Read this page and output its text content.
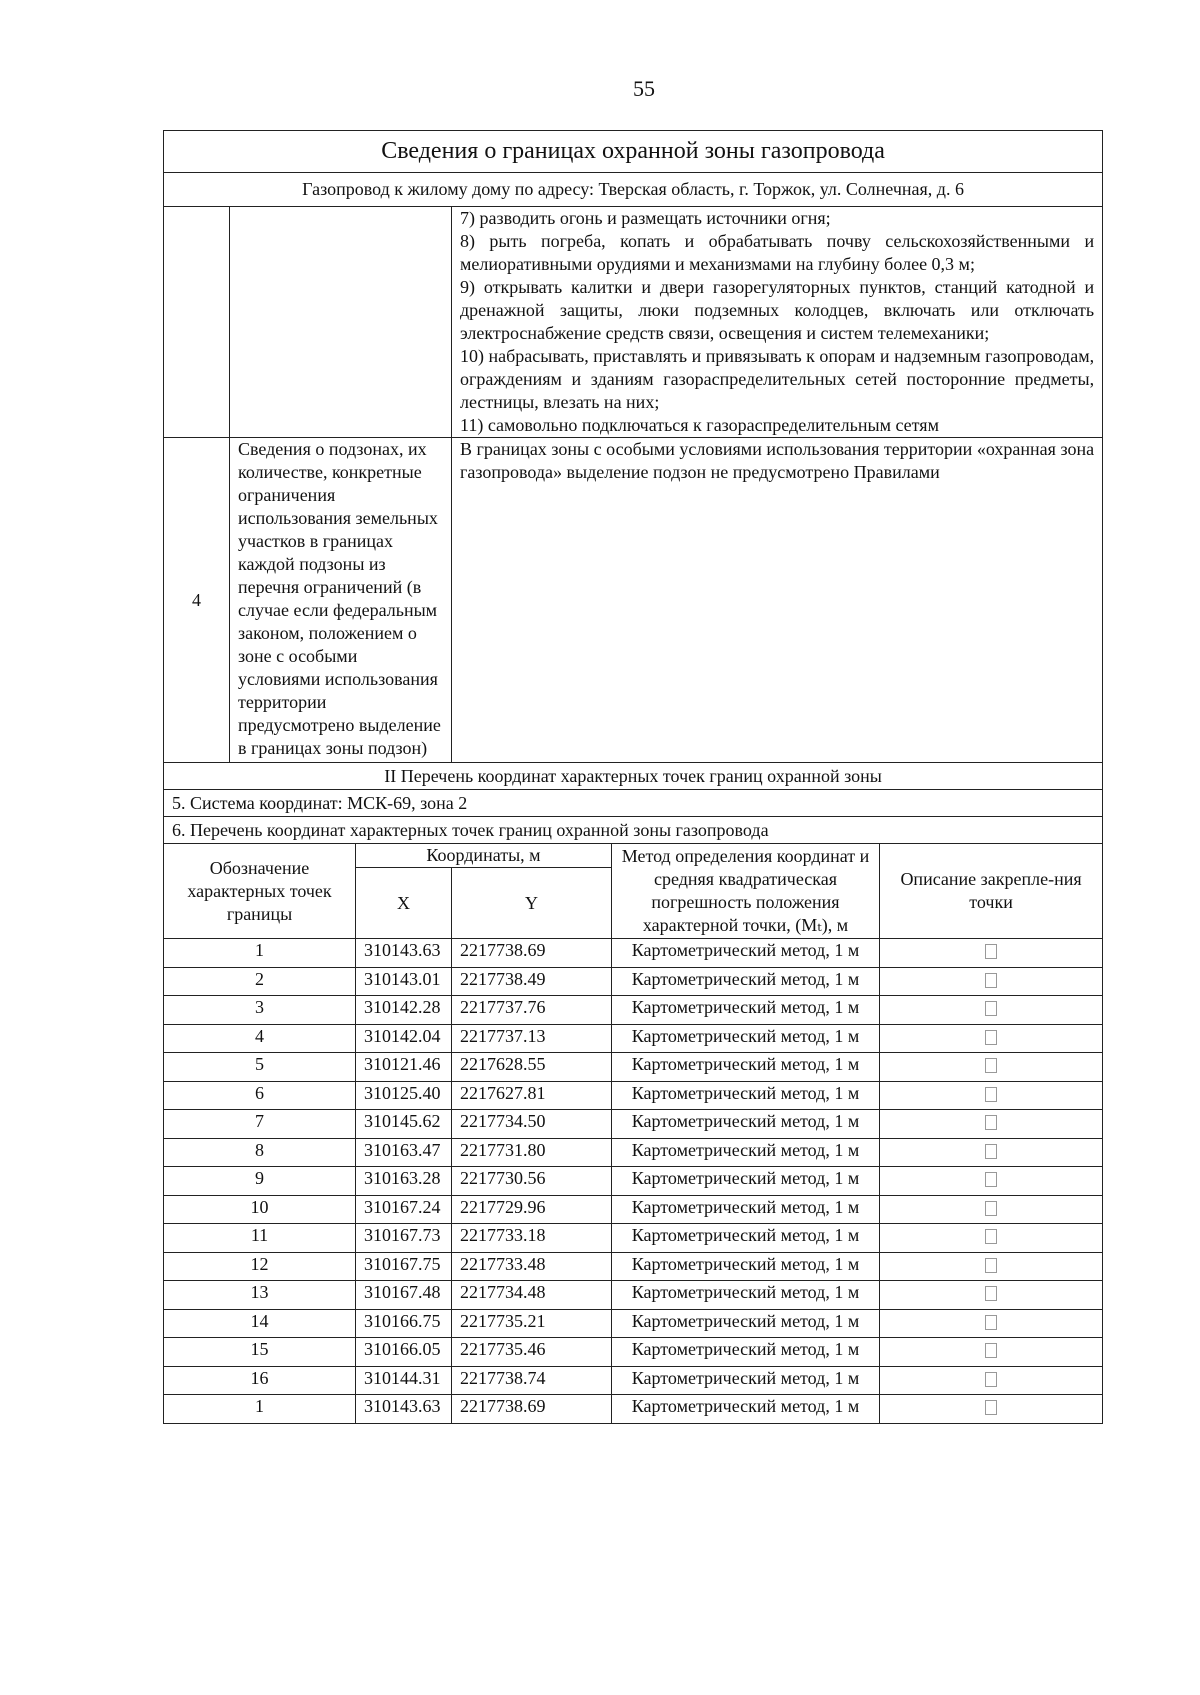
55
Сведения о границах охранной зоны газопровода					
Газопровод к жилому дому по адресу: Тверская область, г. Торжок, ул. Солнечная, д. 6					

			7) разводить огонь и размещать источники огня;

8) рыть погреба, копать и обрабатывать почву сельскохозяйственными и мелиоративными орудиями и механизмами на глубину более 0,3 м;

9) открывать калитки и двери газорегуляторных пунктов, станций катодной и дренажной защиты, люки подземных колодцев, включать или отключать электроснабжение средств связи, освещения и систем телемеханики;

10) набрасывать, приставлять и привязывать к опорам и надземным газопроводам, ограждениям и зданиям газораспределительных сетей посторонние предметы, лестницы, влезать на них;

11) самовольно подключаться к газораспределительным сетям		

4	Сведения о подзонах, их количестве, конкретные ограничения использования земельных участков в границах каждой подзоны из перечня ограничений (в случае если федеральным законом, положением о зоне с особыми условиями использования территории предусмотрено выделение в границах зоны подзон)		В границах зоны с особыми условиями использования территории «охранная зона газопровода» выделение подзон не предусмотрено Правилами		
II Перечень координат характерных точек границ охранной зоны					
5. Система координат: МСК-69, зона 2					
6. Перечень координат характерных точек границ охранной зоны газопровода					
Обозначение характерных точек границы		Координаты, м		Метод определения координат и средняя квадратическая погрешность положения характерной точки, (Mₜ), м	Описание закрепле-ния точки
		X	Y		
1		310143.63	2217738.69	Картометрический метод, 1 м	
2		310143.01	2217738.49	Картометрический метод, 1 м	
3		310142.28	2217737.76	Картометрический метод, 1 м	
4		310142.04	2217737.13	Картометрический метод, 1 м	
5		310121.46	2217628.55	Картометрический метод, 1 м	
6		310125.40	2217627.81	Картометрический метод, 1 м	
7		310145.62	2217734.50	Картометрический метод, 1 м	
8		310163.47	2217731.80	Картометрический метод, 1 м	
9		310163.28	2217730.56	Картометрический метод, 1 м	
10		310167.24	2217729.96	Картометрический метод, 1 м	
11		310167.73	2217733.18	Картометрический метод, 1 м	
12		310167.75	2217733.48	Картометрический метод, 1 м	
13		310167.48	2217734.48	Картометрический метод, 1 м	
14		310166.75	2217735.21	Картометрический метод, 1 м	
15		310166.05	2217735.46	Картометрический метод, 1 м	
16		310144.31	2217738.74	Картометрический метод, 1 м	
1		310143.63	2217738.69	Картометрический метод, 1 м	
